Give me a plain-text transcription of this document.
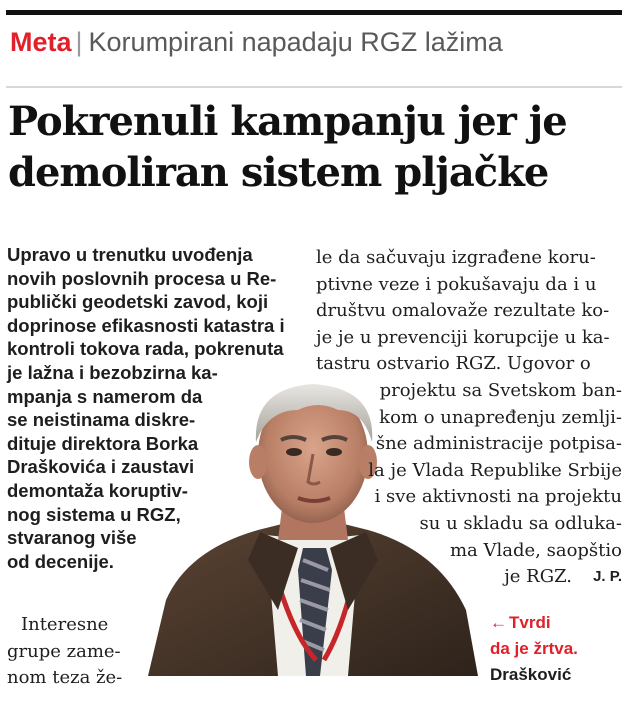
Meta | Korumpirani napadaju RGZ lažima
Pokrenuli kampanju jer je
demoliran sistem pljačke
Upravo u trenutku uvođenja
novih poslovnih procesa u Re-
publički geodetski zavod, koji
doprinose efikasnosti katastra i
kontroli tokova rada, pokrenuta
je lažna i bezobzirna ka-
mpanja s namerom da
se neistinama diskre-
dituje direktora Borka
Draškovića i zaustavi
demontaža koruptiv-
nog sistema u RGZ,
stvaranog više
od decenije.
Interesne
grupe zame-
nom teza že-
le da sačuvaju izgrađene koru-
ptivne veze i pokušavaju da i u
društvu omalovaže rezultate ko-
je je u prevenciji korupcije u ka-
tastru ostvario RGZ. Ugovor o
projektu sa Svetskom ban-
kom o unapređenju zemlji-
šne administracije potpisa-
la je Vlada Republike Srbije
i sve aktivnosti na projektu
su u skladu sa odluka-
ma Vlade, saopštio
je RGZ. J. P.

← Tvrdi
da je žrtva.
Drašković
